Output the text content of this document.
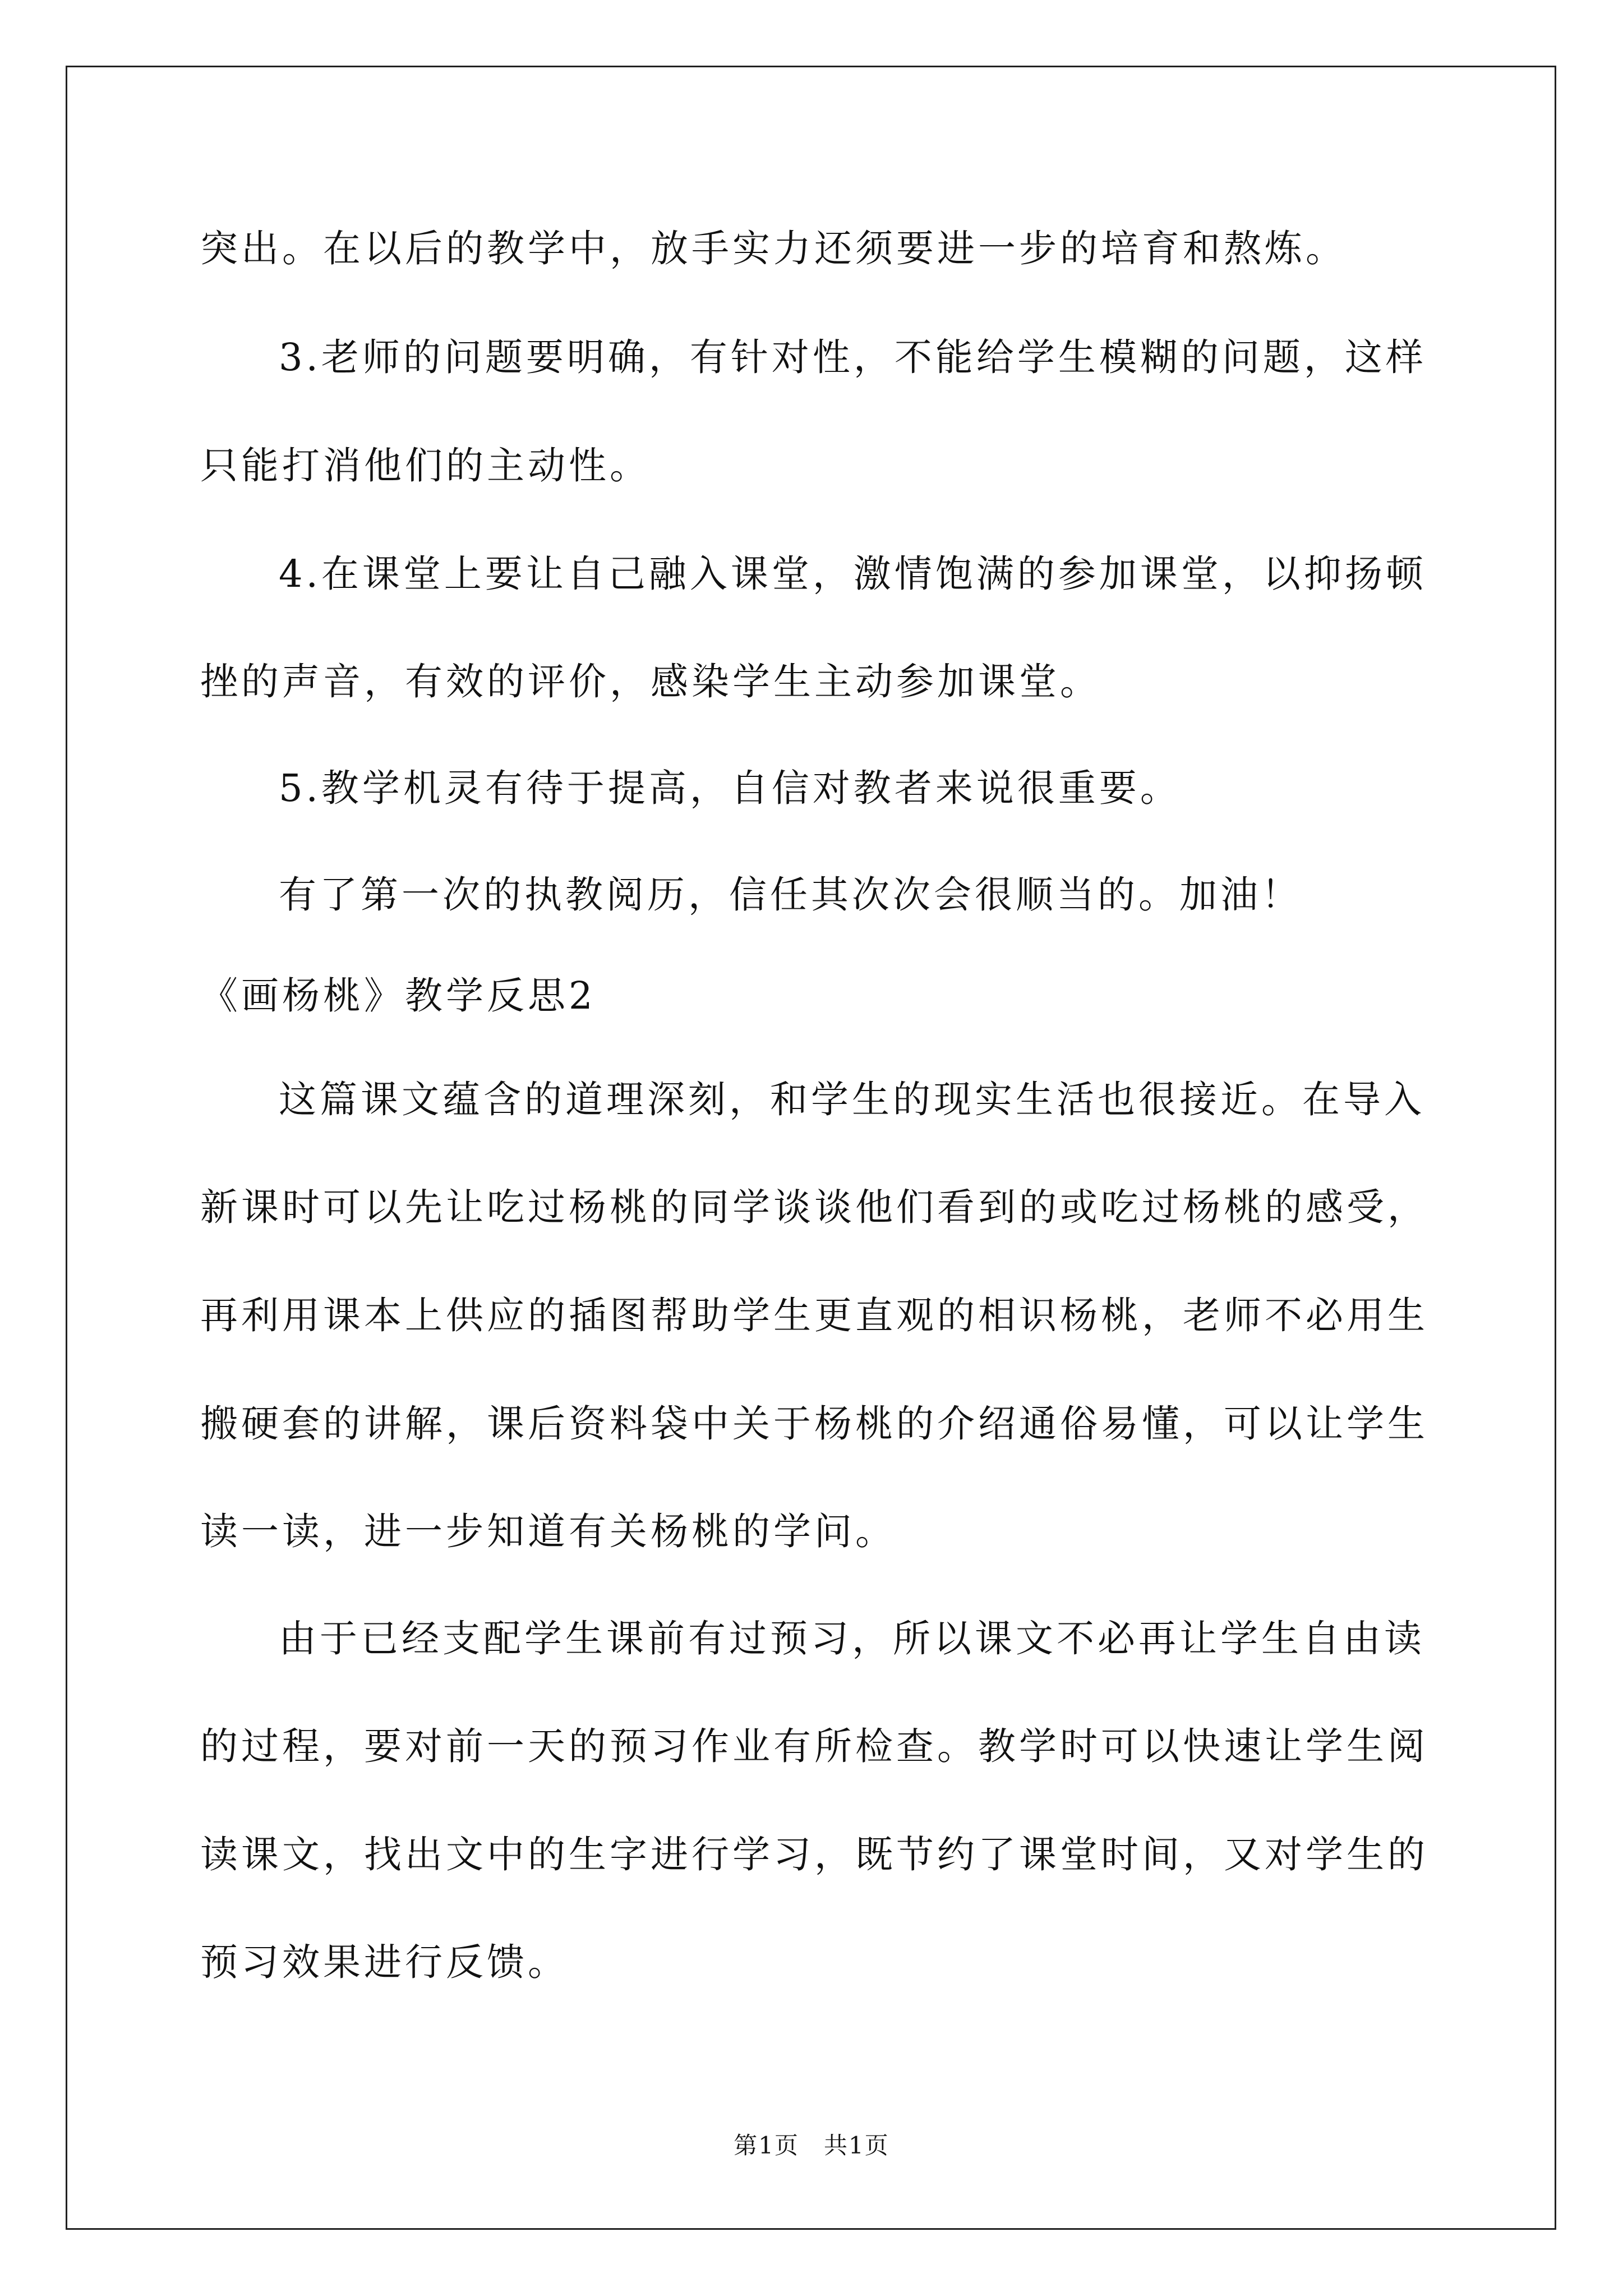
突出。在以后的教学中，放手实力还须要进一步的培育和熬炼。
3.老师的问题要明确，有针对性，不能给学生模糊的问题，这样
只能打消他们的主动性。
4.在课堂上要让自己融入课堂，激情饱满的参加课堂，以抑扬顿
挫的声音，有效的评价，感染学生主动参加课堂。
5.教学机灵有待于提高，自信对教者来说很重要。
有了第一次的执教阅历，信任其次次会很顺当的。加油！
《画杨桃》教学反思2
这篇课文蕴含的道理深刻，和学生的现实生活也很接近。在导入
新课时可以先让吃过杨桃的同学谈谈他们看到的或吃过杨桃的感受，
再利用课本上供应的插图帮助学生更直观的相识杨桃，老师不必用生
搬硬套的讲解，课后资料袋中关于杨桃的介绍通俗易懂，可以让学生
读一读，进一步知道有关杨桃的学问。
由于已经支配学生课前有过预习，所以课文不必再让学生自由读
的过程，要对前一天的预习作业有所检查。教学时可以快速让学生阅
读课文，找出文中的生字进行学习，既节约了课堂时间，又对学生的
预习效果进行反馈。
第1页　共1页
